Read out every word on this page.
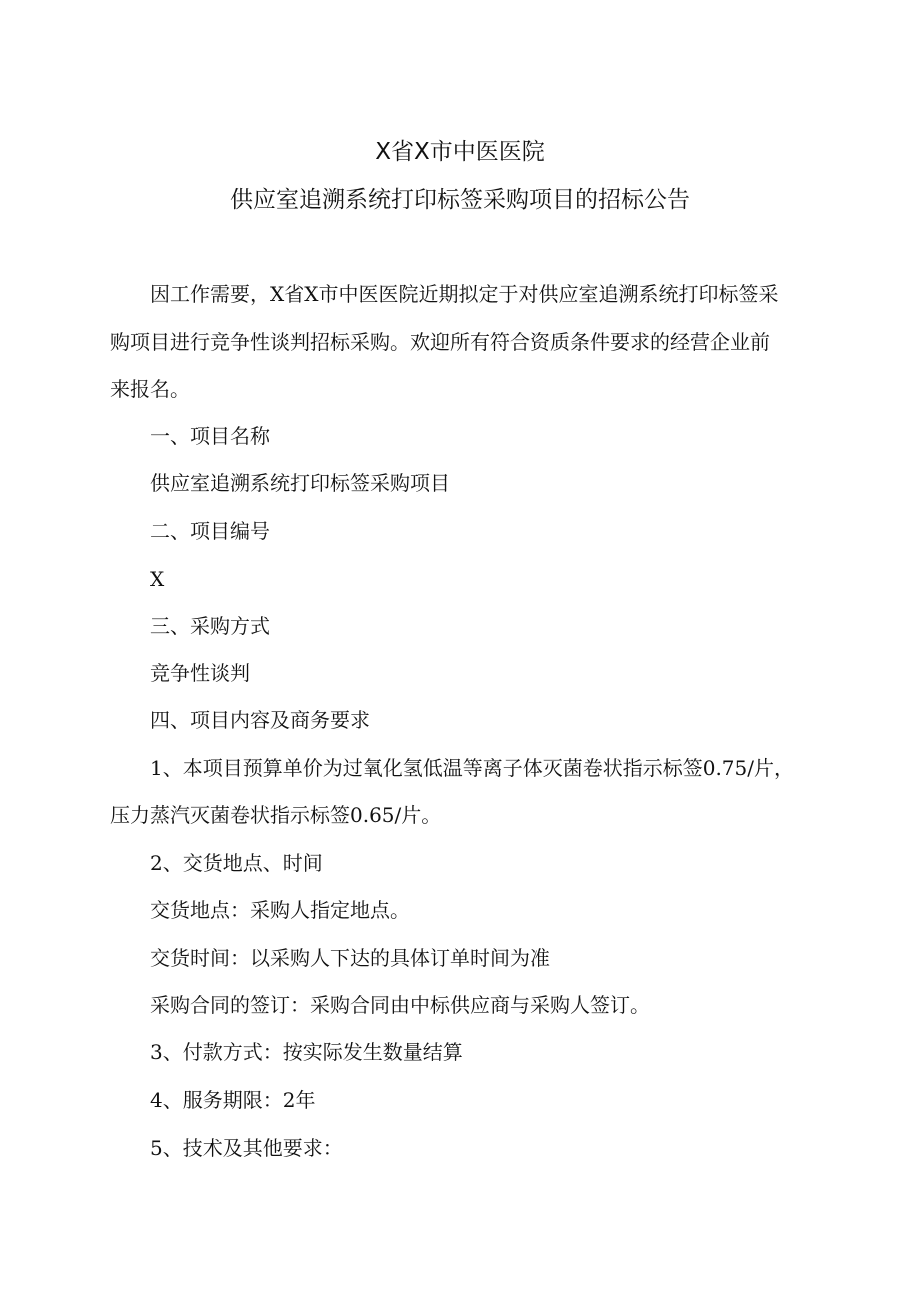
X省X市中医医院
供应室追溯系统打印标签采购项目的招标公告
因工作需要，X省X市中医医院近期拟定于对供应室追溯系统打印标签采
购项目进行竞争性谈判招标采购。欢迎所有符合资质条件要求的经营企业前
来报名。
一、项目名称
供应室追溯系统打印标签采购项目
二、项目编号
X
三、采购方式
竞争性谈判
四、项目内容及商务要求
1、本项目预算单价为过氧化氢低温等离子体灭菌卷状指示标签0.75/片，
压力蒸汽灭菌卷状指示标签0.65/片。
2、交货地点、时间
交货地点：采购人指定地点。
交货时间：以采购人下达的具体订单时间为准
采购合同的签订：采购合同由中标供应商与采购人签订。
3、付款方式：按实际发生数量结算
4、服务期限：2年
5、技术及其他要求：
